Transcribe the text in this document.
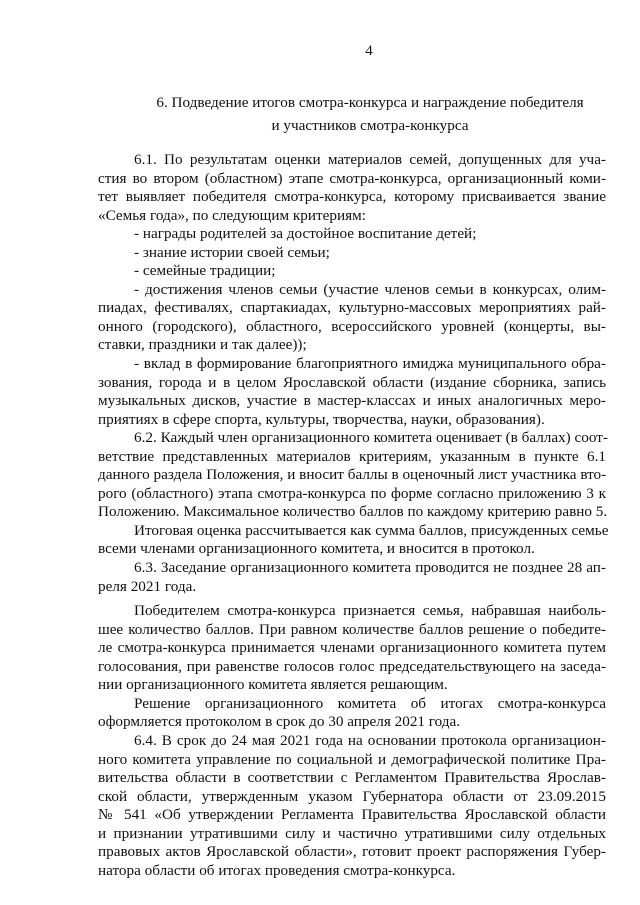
4
6. Подведение итогов смотра-конкурса и награждение победителя
и участников смотра-конкурса
6.1. По результатам оценки материалов семей, допущенных для уча-
стия во втором (областном) этапе смотра-конкурса, организационный коми-
тет выявляет победителя смотра-конкурса, которому присваивается звание
«Семья года», по следующим критериям:
- награды родителей за достойное воспитание детей;
- знание истории своей семьи;
- семейные традиции;
- достижения членов семьи (участие членов семьи в конкурсах, олим-
пиадах, фестивалях, спартакиадах, культурно-массовых мероприятиях рай-
онного (городского), областного, всероссийского уровней (концерты, вы-
ставки, праздники и так далее));
- вклад в формирование благоприятного имиджа муниципального обра-
зования, города и в целом Ярославской области (издание сборника, запись
музыкальных дисков, участие в мастер-классах и иных аналогичных меро-
приятиях в сфере спорта, культуры, творчества, науки, образования).
6.2. Каждый член организационного комитета оценивает (в баллах) соот-
ветствие представленных материалов критериям, указанным в пункте 6.1
данного раздела Положения, и вносит баллы в оценочный лист участника вто-
рого (областного) этапа смотра-конкурса по форме согласно приложению 3 к
Положению. Максимальное количество баллов по каждому критерию равно 5.
Итоговая оценка рассчитывается как сумма баллов, присужденных семье
всеми членами организационного комитета, и вносится в протокол.
6.3. Заседание организационного комитета проводится не позднее 28 ап-
реля 2021 года.
Победителем смотра-конкурса признается семья, набравшая наиболь-
шее количество баллов. При равном количестве баллов решение о победите-
ле смотра-конкурса принимается членами организационного комитета путем
голосования, при равенстве голосов голос председательствующего на заседа-
нии организационного комитета является решающим.
Решение организационного комитета об итогах смотра-конкурса
оформляется протоколом в срок до 30 апреля 2021 года.
6.4. В срок до 24 мая 2021 года на основании протокола организацион-
ного комитета управление по социальной и демографической политике Пра-
вительства области в соответствии с Регламентом Правительства Ярослав-
ской области, утвержденным указом Губернатора области от 23.09.2015
№ 541 «Об утверждении Регламента Правительства Ярославской области
и признании утратившими силу и частично утратившими силу отдельных
правовых актов Ярославской области», готовит проект распоряжения Губер-
натора области об итогах проведения смотра-конкурса.
